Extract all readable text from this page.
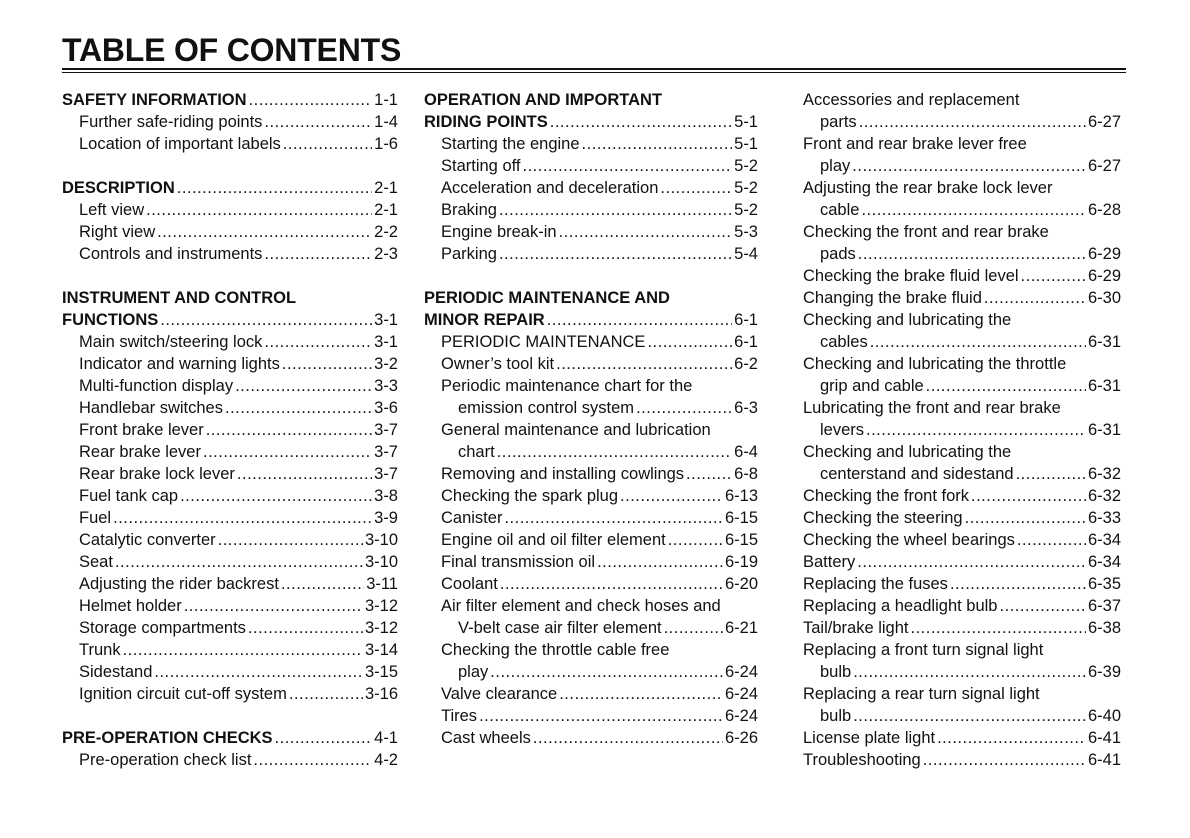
TABLE OF CONTENTS
SAFETY INFORMATION .....	1-1
Further safe-riding points .....	1-4
Location of important labels .....	1-6
DESCRIPTION .....	2-1
Left view .....	2-1
Right view .....	2-2
Controls and instruments .....	2-3
INSTRUMENT AND CONTROL
FUNCTIONS .....	3-1
Main switch/steering lock .....	3-1
Indicator and warning lights .....	3-2
Multi-function display .....	3-3
Handlebar switches .....	3-6
Front brake lever .....	3-7
Rear brake lever .....	3-7
Rear brake lock lever .....	3-7
Fuel tank cap .....	3-8
Fuel .....	3-9
Catalytic converter .....	3-10
Seat .....	3-10
Adjusting the rider backrest .....	3-11
Helmet holder .....	3-12
Storage compartments .....	3-12
Trunk .....	3-14
Sidestand .....	3-15
Ignition circuit cut-off system .....	3-16
PRE-OPERATION CHECKS .....	4-1
Pre-operation check list .....	4-2
OPERATION AND IMPORTANT
RIDING POINTS .....	5-1
Starting the engine .....	5-1
Starting off .....	5-2
Acceleration and deceleration .....	5-2
Braking .....	5-2
Engine break-in .....	5-3
Parking .....	5-4
PERIODIC MAINTENANCE AND
MINOR REPAIR .....	6-1
PERIODIC MAINTENANCE .....	6-1
Owner’s tool kit .....	6-2
Periodic maintenance chart for the
emission control system .....	6-3
General maintenance and lubrication
chart .....	6-4
Removing and installing cowlings .....	6-8
Checking the spark plug .....	6-13
Canister .....	6-15
Engine oil and oil filter element .....	6-15
Final transmission oil .....	6-19
Coolant .....	6-20
Air filter element and check hoses and
V-belt case air filter element .....	6-21
Checking the throttle cable free
play .....	6-24
Valve clearance .....	6-24
Tires .....	6-24
Cast wheels .....	6-26
Accessories and replacement
parts .....	6-27
Front and rear brake lever free
play .....	6-27
Adjusting the rear brake lock lever
cable .....	6-28
Checking the front and rear brake
pads .....	6-29
Checking the brake fluid level .....	6-29
Changing the brake fluid .....	6-30
Checking and lubricating the
cables .....	6-31
Checking and lubricating the throttle
grip and cable .....	6-31
Lubricating the front and rear brake
levers .....	6-31
Checking and lubricating the
centerstand and sidestand .....	6-32
Checking the front fork .....	6-32
Checking the steering .....	6-33
Checking the wheel bearings .....	6-34
Battery .....	6-34
Replacing the fuses .....	6-35
Replacing a headlight bulb .....	6-37
Tail/brake light .....	6-38
Replacing a front turn signal light
bulb .....	6-39
Replacing a rear turn signal light
bulb .....	6-40
License plate light .....	6-41
Troubleshooting .....	6-41
